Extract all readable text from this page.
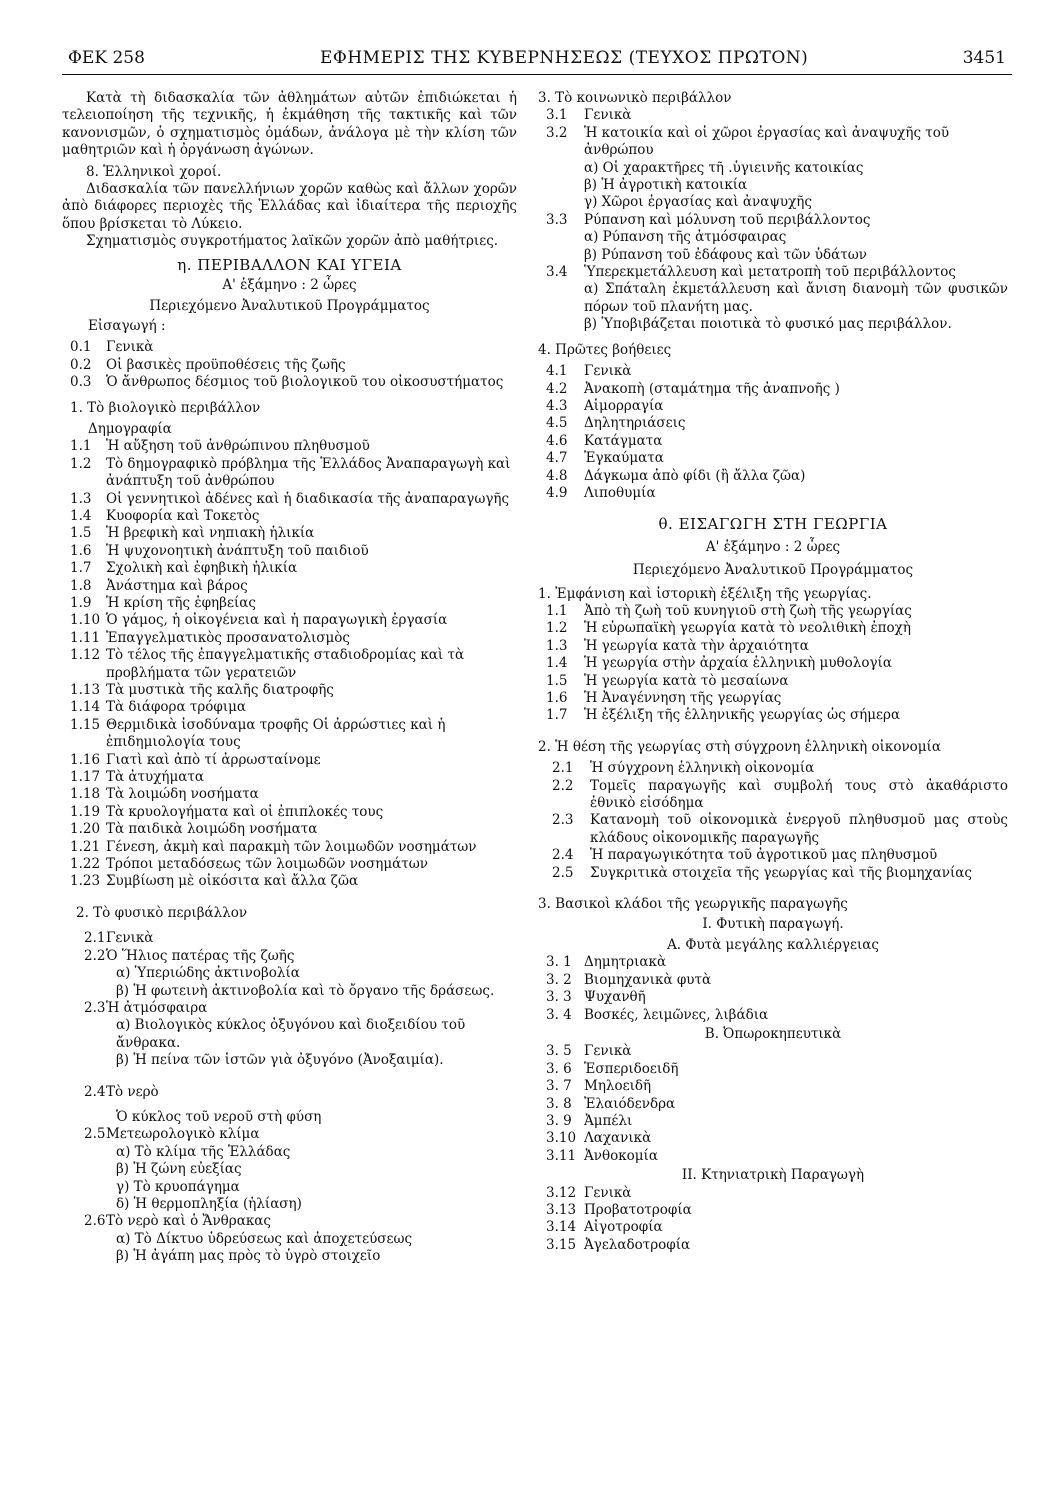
ΦΕΚ 258	ΕΦΗΜΕΡΙΣ ΤΗΣ ΚΥΒΕΡΝΗΣΕΩΣ (ΤΕΥΧΟΣ ΠΡΩΤΟΝ)	3451

Κατὰ τὴ διδασκαλία τῶν ἀθλημάτων αὐτῶν ἐπιδιώκεται ἡ τελειοποίηση τῆς τεχνικῆς, ἡ ἐκμάθηση τῆς τακτικῆς καὶ τῶν κανονισμῶν, ὁ σχηματισμὸς ὁμάδων, ἀνάλογα μὲ τὴν κλίση τῶν μαθητριῶν καὶ ἡ ὀργάνωση ἀγώνων.

8. Ἑλληνικοὶ χοροί.

Διδασκαλία τῶν πανελλήνιων χορῶν καθὼς καὶ ἄλλων χορῶν ἀπὸ διάφορες περιοχὲς τῆς Ἑλλάδας καὶ ἰδιαίτερα τῆς περιοχῆς ὅπου βρίσκεται τὸ Λύκειο.

Σχηματισμὸς συγκροτήματος λαϊκῶν χορῶν ἀπὸ μαθήτριες.

η. ΠΕΡΙΒΑΛΛΟΝ ΚΑΙ ΥΓΕΙΑ
Α' ἑξάμηνο : 2 ὧρες
Περιεχόμενο Ἀναλυτικοῦ Προγράμματος
Εἰσαγωγή :
0.1 Γενικὰ
0.2 Οἱ βασικὲς προϋποθέσεις τῆς ζωῆς
0.3 Ὁ ἄνθρωπος δέσμιος τοῦ βιολογικοῦ του οἰκοσυστήματος
1. Τὸ βιολογικὸ περιβάλλον
Δημογραφία
1.1 Ἡ αὔξηση τοῦ ἀνθρώπινου πληθυσμοῦ
1.2 Τὸ δημογραφικὸ πρόβλημα τῆς Ἑλλάδος Ἀναπαραγωγὴ καὶ ἀνάπτυξη τοῦ ἀνθρώπου
1.3 Οἱ γεννητικοὶ ἀδένες καὶ ἡ διαδικασία τῆς ἀναπαραγωγῆς
1.4 Κυοφορία καὶ Τοκετὸς
1.5 Ἡ βρεφικὴ καὶ νηπιακὴ ἡλικία
1.6 Ἡ ψυχονοητικὴ ἀνάπτυξη τοῦ παιδιοῦ
1.7 Σχολικὴ καὶ ἐφηβικὴ ἡλικία
1.8 Ἀνάστημα καὶ βάρος
1.9 Ἡ κρίση τῆς ἐφηβείας
1.10 Ὁ γάμος, ἡ οἰκογένεια καὶ ἡ παραγωγικὴ ἐργασία
1.11 Ἐπαγγελματικὸς προσανατολισμὸς
1.12 Τὸ τέλος τῆς ἐπαγγελματικῆς σταδιοδρομίας καὶ τὰ προβλήματα τῶν γερατειῶν
1.13 Τὰ μυστικὰ τῆς καλῆς διατροφῆς
1.14 Τὰ διάφορα τρόφιμα
1.15 Θερμιδικὰ ἰσοδύναμα τροφῆς Οἱ ἀρρώστιες καὶ ἡ ἐπιδημιολογία τους
1.16 Γιατὶ καὶ ἀπὸ τί ἀρρωσταίνομε
1.17 Τὰ ἀτυχήματα
1.18 Τὰ λοιμώδη νοσήματα
1.19 Τὰ κρυολογήματα καὶ οἱ ἐπιπλοκές τους
1.20 Τὰ παιδικὰ λοιμώδη νοσήματα
1.21 Γένεση, ἀκμὴ καὶ παρακμὴ τῶν λοιμωδῶν νοσημάτων
1.22 Τρόποι μεταδόσεως τῶν λοιμωδῶν νοσημάτων
1.23 Συμβίωση μὲ οἰκόσιτα καὶ ἄλλα ζῶα
2. Τὸ φυσικὸ περιβάλλον
2.1 Γενικὰ
2.2 Ὁ Ἥλιος πατέρας τῆς ζωῆς
α) Ὑπεριώδης ἀκτινοβολία
β) Ἡ φωτεινὴ ἀκτινοβολία καὶ τὸ ὄργανο τῆς δράσεως.
2.3 Ἡ ἀτμόσφαιρα
α) Βιολογικὸς κύκλος ὀξυγόνου καὶ διοξειδίου τοῦ ἄνθρακα.
β) Ἡ πείνα τῶν ἱστῶν γιὰ ὀξυγόνο (Ἀνοξαιμία).
2.4 Τὸ νερὸ
Ὁ κύκλος τοῦ νεροῦ στὴ φύση
2.5 Μετεωρολογικὸ κλίμα
α) Τὸ κλίμα τῆς Ἑλλάδας
β) Ἡ ζώνη εὐεξίας
γ) Τὸ κρυοπάγημα
δ) Ἡ θερμοπληξία (ἡλίαση)
2.6 Τὸ νερὸ καὶ ὁ Ἄνθρακας
α) Τὸ Δίκτυο ὑδρεύσεως καὶ ἀποχετεύσεως
β) Ἡ ἀγάπη μας πρὸς τὸ ὑγρὸ στοιχεῖο
3. Τὸ κοινωνικὸ περιβάλλον
3.1 Γενικὰ
3.2 Ἡ κατοικία καὶ οἱ χῶροι ἐργασίας καὶ ἀναψυχῆς τοῦ ἀνθρώπου
α) Οἱ χαρακτῆρες τῆ .ὑγιεινῆς κατοικίας
β) Ἡ ἀγροτικὴ κατοικία
γ) Χῶροι ἐργασίας καὶ ἀναψυχῆς
3.3 Ρύπανση καὶ μόλυνση τοῦ περιβάλλοντος
α) Ρύπανση τῆς ἀτμόσφαιρας
β) Ρύπανση τοῦ ἐδάφους καὶ τῶν ὑδάτων
3.4 Ὑπερεκμετάλλευση καὶ μετατροπὴ τοῦ περιβάλλοντος
α) Σπάταλη ἐκμετάλλευση καὶ ἄνιση διανομὴ τῶν φυσικῶν πόρων τοῦ πλανήτη μας.
β) Ὑποβιβάζεται ποιοτικὰ τὸ φυσικό μας περιβάλλον.
4. Πρῶτες βοήθειες
4.1 Γενικὰ
4.2 Ἀνακοπὴ (σταμάτημα τῆς ἀναπνοῆς )
4.3 Αἱμορραγία
4.5 Δηλητηριάσεις
4.6 Κατάγματα
4.7 Ἐγκαύματα
4.8 Δάγκωμα ἀπὸ φίδι (ἢ ἄλλα ζῶα)
4.9 Λιποθυμία
θ. ΕΙΣΑΓΩΓΗ ΣΤΗ ΓΕΩΡΓΙΑ
Α' ἑξάμηνο : 2 ὧρες
Περιεχόμενο Ἀναλυτικοῦ Προγράμματος
1. Ἐμφάνιση καὶ ἱστορικὴ ἐξέλιξη τῆς γεωργίας.
1.1 Ἀπὸ τὴ ζωὴ τοῦ κυνηγιοῦ στὴ ζωὴ τῆς γεωργίας
1.2 Ἡ εὐρωπαϊκὴ γεωργία κατὰ τὸ νεολιθικὴ ἐποχὴ
1.3 Ἡ γεωργία κατὰ τὴν ἀρχαιότητα
1.4 Ἡ γεωργία στὴν ἀρχαία ἑλληνικὴ μυθολογία
1.5 Ἡ γεωργία κατὰ τὸ μεσαίωνα
1.6 Ἡ Ἀναγέννηση τῆς γεωργίας
1.7 Ἡ ἐξέλιξη τῆς ἑλληνικῆς γεωργίας ὡς σήμερα
2. Ἡ θέση τῆς γεωργίας στὴ σύγχρονη ἑλληνικὴ οἰκονομία
2.1 Ἡ σύγχρονη ἑλληνικὴ οἰκονομία
2.2 Τομεῖς παραγωγῆς καὶ συμβολή τους στὸ ἀκαθάριστο ἐθνικὸ εἰσόδημα
2.3 Κατανομὴ τοῦ οἰκονομικὰ ἐνεργοῦ πληθυσμοῦ μας στοὺς κλάδους οἰκονομικῆς παραγωγῆς
2.4 Ἡ παραγωγικότητα τοῦ ἀγροτικοῦ μας πληθυσμοῦ
2.5 Συγκριτικὰ στοιχεῖα τῆς γεωργίας καὶ τῆς βιομηχανίας
3. Βασικοὶ κλάδοι τῆς γεωργικῆς παραγωγῆς
Ι. Φυτικὴ παραγωγή.
Α. Φυτὰ μεγάλης καλλιέργειας
3. 1 Δημητριακὰ
3. 2 Βιομηχανικὰ φυτὰ
3. 3 Ψυχανθῆ
3. 4 Βοσκές, λειμῶνες, λιβάδια
Β. Ὀπωροκηπευτικὰ
3. 5 Γενικὰ
3. 6 Ἑσπεριδοειδῆ
3. 7 Μηλοειδῆ
3. 8 Ἐλαιόδενδρα
3. 9 Ἀμπέλι
3.10 Λαχανικὰ
3.11 Ἀνθοκομία
ΙΙ. Κτηνιατρικὴ Παραγωγὴ
3.12 Γενικὰ
3.13 Προβατοτροφία
3.14 Αἰγοτροφία
3.15 Ἀγελαδοτροφία
